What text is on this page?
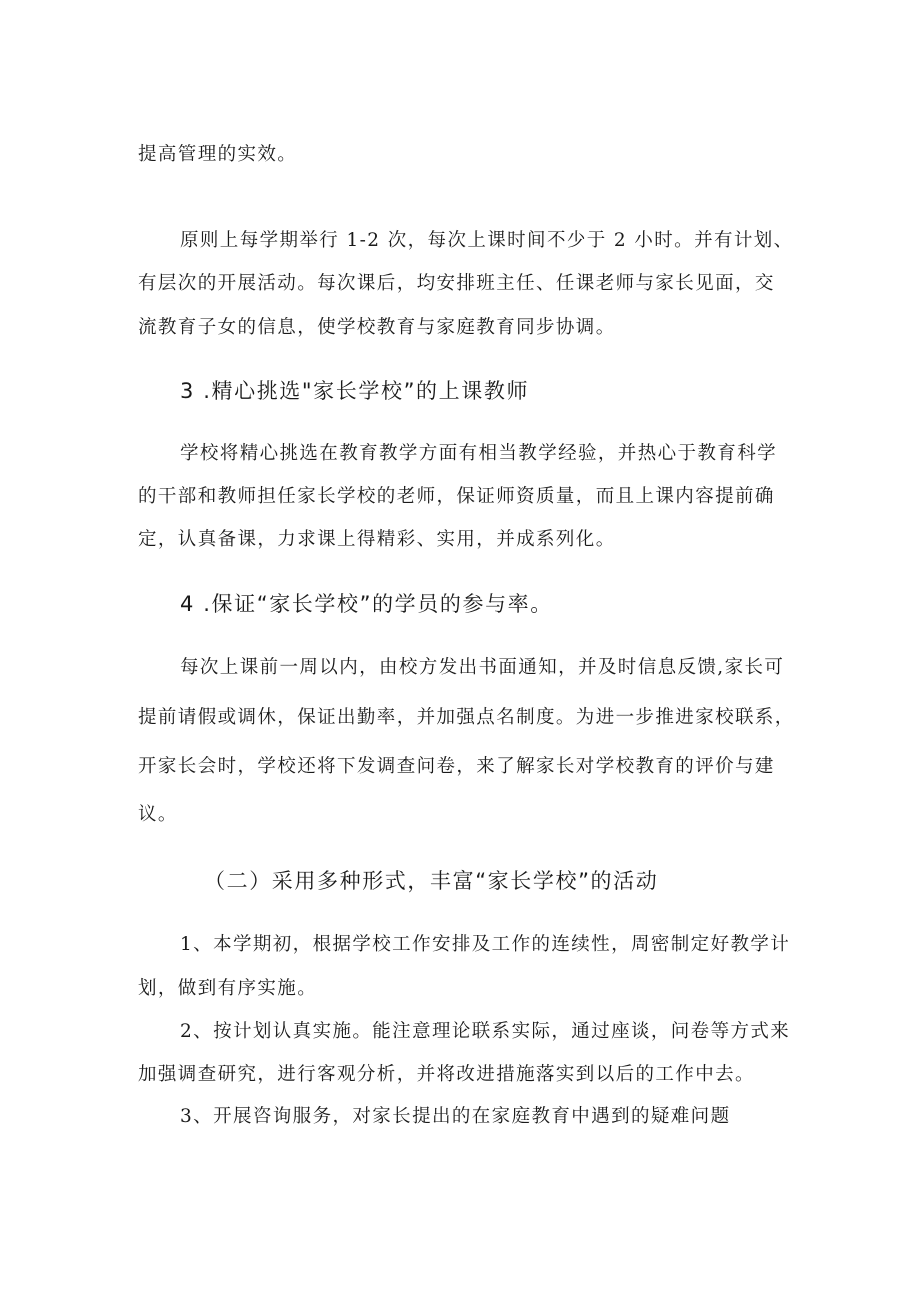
提高管理的实效。
原则上每学期举行 1-2 次，每次上课时间不少于 2 小时。并有计划、
有层次的开展活动。每次课后，均安排班主任、任课老师与家长见面，交
流教育子女的信息，使学校教育与家庭教育同步协调。
3 .精心挑选"家长学校”的上课教师
学校将精心挑选在教育教学方面有相当教学经验，并热心于教育科学
的干部和教师担任家长学校的老师，保证师资质量，而且上课内容提前确
定，认真备课，力求课上得精彩、实用，并成系列化。
4 .保证“家长学校”的学员的参与率。
每次上课前一周以内，由校方发出书面通知，并及时信息反馈,家长可
提前请假或调休，保证出勤率，并加强点名制度。为进一步推进家校联系，
开家长会时，学校还将下发调查问卷，来了解家长对学校教育的评价与建
议。
（二）采用多种形式，丰富“家长学校”的活动
1、本学期初，根据学校工作安排及工作的连续性，周密制定好教学计
划，做到有序实施。
2、按计划认真实施。能注意理论联系实际，通过座谈，问卷等方式来
加强调查研究，进行客观分析，并将改进措施落实到以后的工作中去。
3、开展咨询服务，对家长提出的在家庭教育中遇到的疑难问题
